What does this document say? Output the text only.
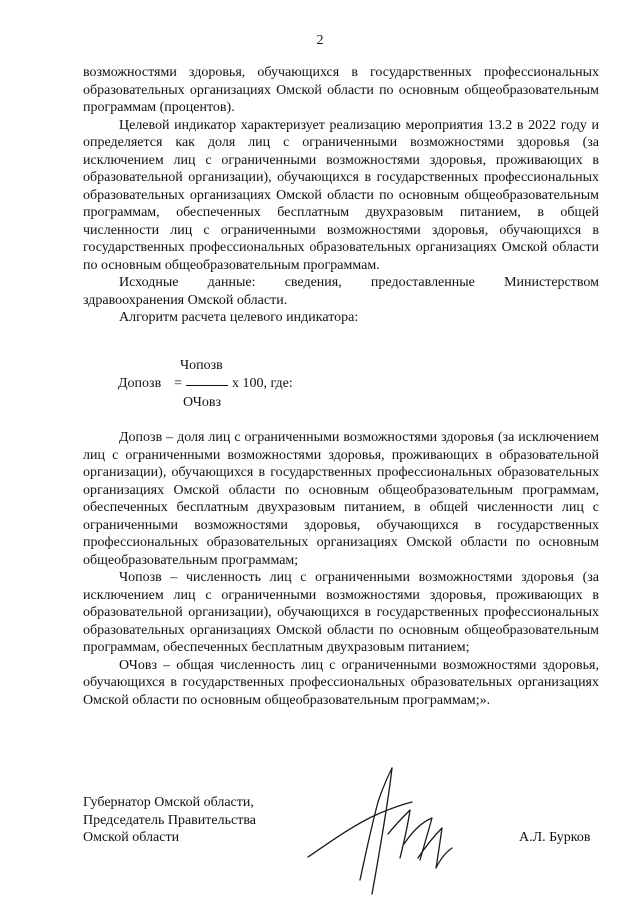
2

возможностями здоровья, обучающихся в государственных профессиональных образовательных организациях Омской области по основным общеобразовательным программам (процентов).

Целевой индикатор характеризует реализацию мероприятия 13.2 в 2022 году и определяется как доля лиц с ограниченными возможностями здоровья (за исключением лиц с ограниченными возможностями здоровья, проживающих в образовательной организации), обучающихся в государственных профессиональных образовательных организациях Омской области по основным общеобразовательным программам, обеспеченных бесплатным двухразовым питанием, в общей численности лиц с ограниченными возможностями здоровья, обучающихся в государственных профессиональных образовательных организациях Омской области по основным общеобразовательным программам.

Исходные данные: сведения, предоставленные Министерством здравоохранения Омской области.

Алгоритм расчета целевого индикатора:

Чопозв
Допозв =	х 100, где:
ОЧовз

Допозв – доля лиц с ограниченными возможностями здоровья (за исключением лиц с ограниченными возможностями здоровья, проживающих в образовательной организации), обучающихся в государственных профессиональных образовательных организациях Омской области по основным общеобразовательным программам, обеспеченных бесплатным двухразовым питанием, в общей численности лиц с ограниченными возможностями здоровья, обучающихся в государственных профессиональных образовательных организациях Омской области по основным общеобразовательным программам;

Чопозв – численность лиц с ограниченными возможностями здоровья (за исключением лиц с ограниченными возможностями здоровья, проживающих в образовательной организации), обучающихся в государственных профессиональных образовательных организациях Омской области по основным общеобразовательным программам, обеспеченных бесплатным двухразовым питанием;

ОЧовз – общая численность лиц с ограниченными возможностями здоровья, обучающихся в государственных профессиональных образовательных организациях Омской области по основным общеобразовательным программам;».

Губернатор Омской области,
Председатель Правительства
Омской области	А.Л. Бурков
